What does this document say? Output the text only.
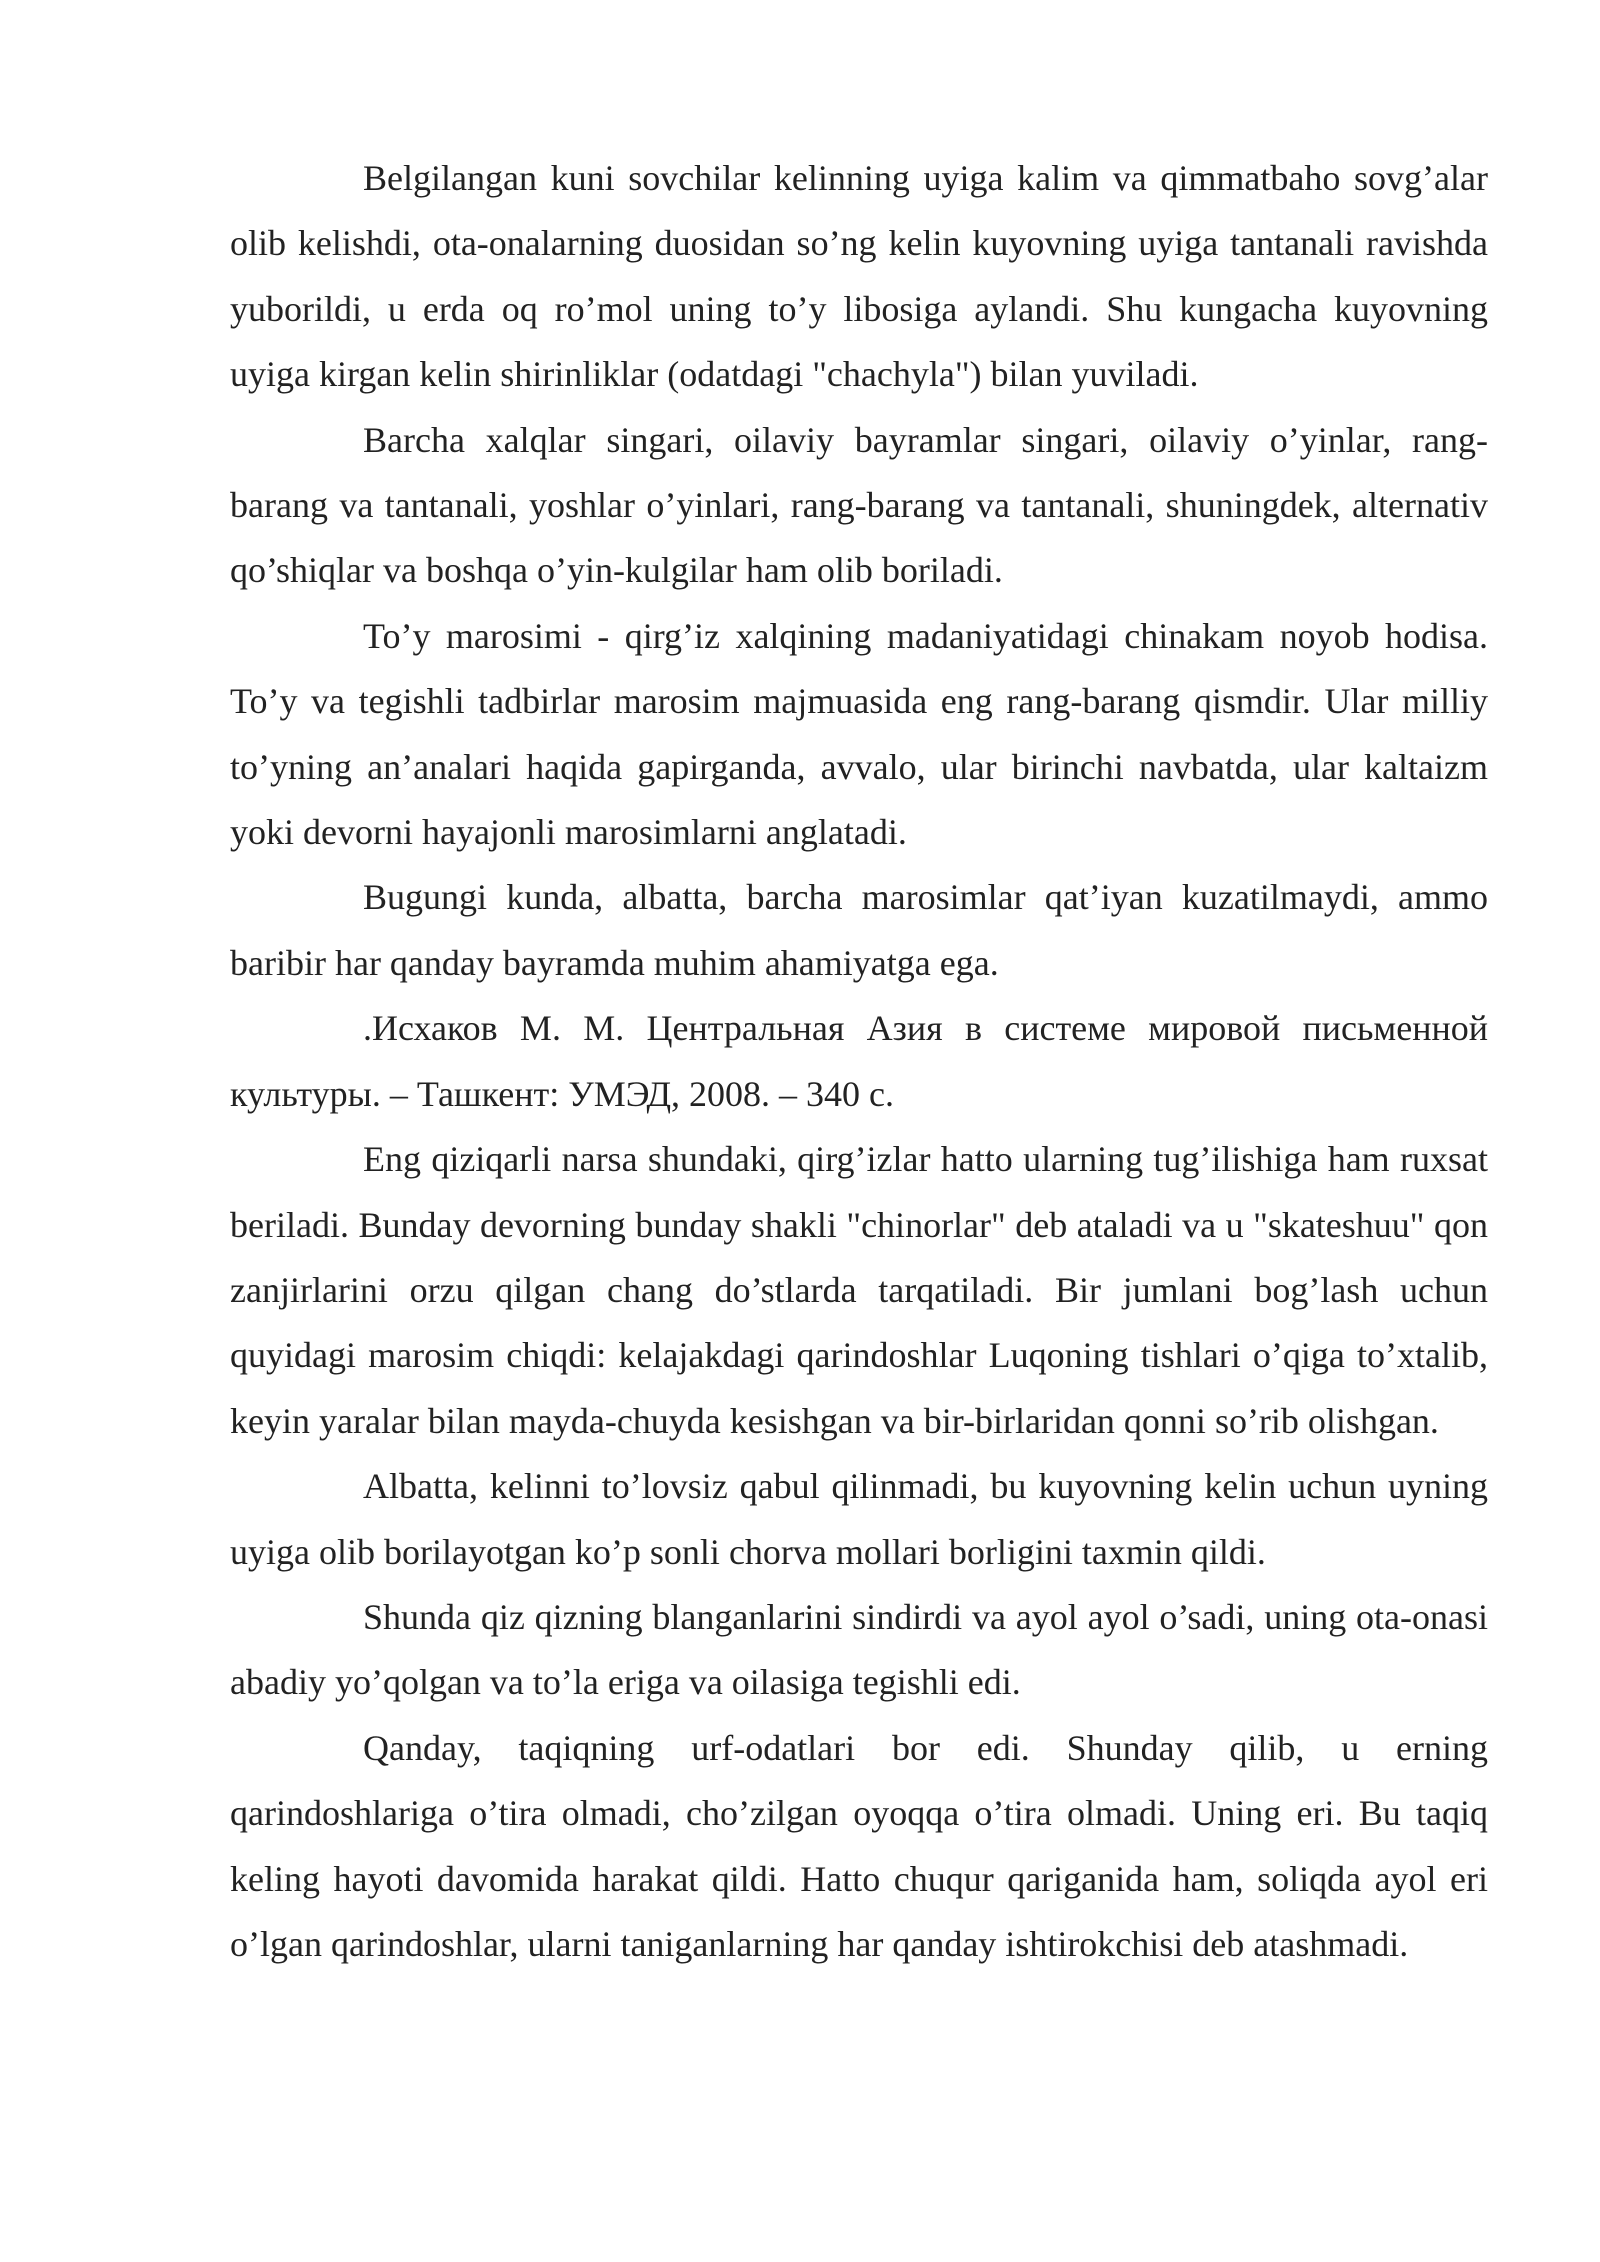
Belgilangan kuni sovchilar kelinning uyiga kalim va qimmatbaho sovg’alar olib kelishdi, ota-onalarning duosidan so’ng kelin kuyovning uyiga tantanali ravishda yuborildi, u erda oq ro’mol uning to’y libosiga aylandi. Shu kungacha kuyovning uyiga kirgan kelin shirinliklar (odatdagi "chachyla") bilan yuviladi.

Barcha xalqlar singari, oilaviy bayramlar singari, oilaviy o’yinlar, rang-barang va tantanali, yoshlar o’yinlari, rang-barang va tantanali, shuningdek, alternativ qo’shiqlar va boshqa o’yin-kulgilar ham olib boriladi.

To’y marosimi - qirg’iz xalqining madaniyatidagi chinakam noyob hodisa. To’y va tegishli tadbirlar marosim majmuasida eng rang-barang qismdir. Ular milliy to’yning an’analari haqida gapirganda, avvalo, ular birinchi navbatda, ular kaltaizm yoki devorni hayajonli marosimlarni anglatadi.

Bugungi kunda, albatta, barcha marosimlar qat’iyan kuzatilmaydi, ammo baribir har qanday bayramda muhim ahamiyatga ega.

.Исхаков М. М. Центральная Азия в системе мировой письменной культуры. – Ташкент: УМЭД, 2008. – 340 с.

Eng qiziqarli narsa shundaki, qirg’izlar hatto ularning tug’ilishiga ham ruxsat beriladi. Bunday devorning bunday shakli "chinorlar" deb ataladi va u "skateshuu" qon zanjirlarini orzu qilgan chang do’stlarda tarqatiladi. Bir jumlani bog’lash uchun quyidagi marosim chiqdi: kelajakdagi qarindoshlar Luqoning tishlari o’qiga to’xtalib, keyin yaralar bilan mayda-chuyda kesishgan va bir-birlaridan qonni so’rib olishgan.

Albatta, kelinni to’lovsiz qabul qilinmadi, bu kuyovning kelin uchun uyning uyiga olib borilayotgan ko’p sonli chorva mollari borligini taxmin qildi.

Shunda qiz qizning blanganlarini sindirdi va ayol ayol o’sadi, uning ota-onasi abadiy yo’qolgan va to’la eriga va oilasiga tegishli edi.

Qanday, taqiqning urf-odatlari bor edi. Shunday qilib, u erning qarindoshlariga o’tira olmadi, cho’zilgan oyoqqa o’tira olmadi. Uning eri. Bu taqiq keling hayoti davomida harakat qildi. Hatto chuqur qariganida ham, soliqda ayol eri o’lgan qarindoshlar, ularni taniganlarning har qanday ishtirokchisi deb atashmadi.
